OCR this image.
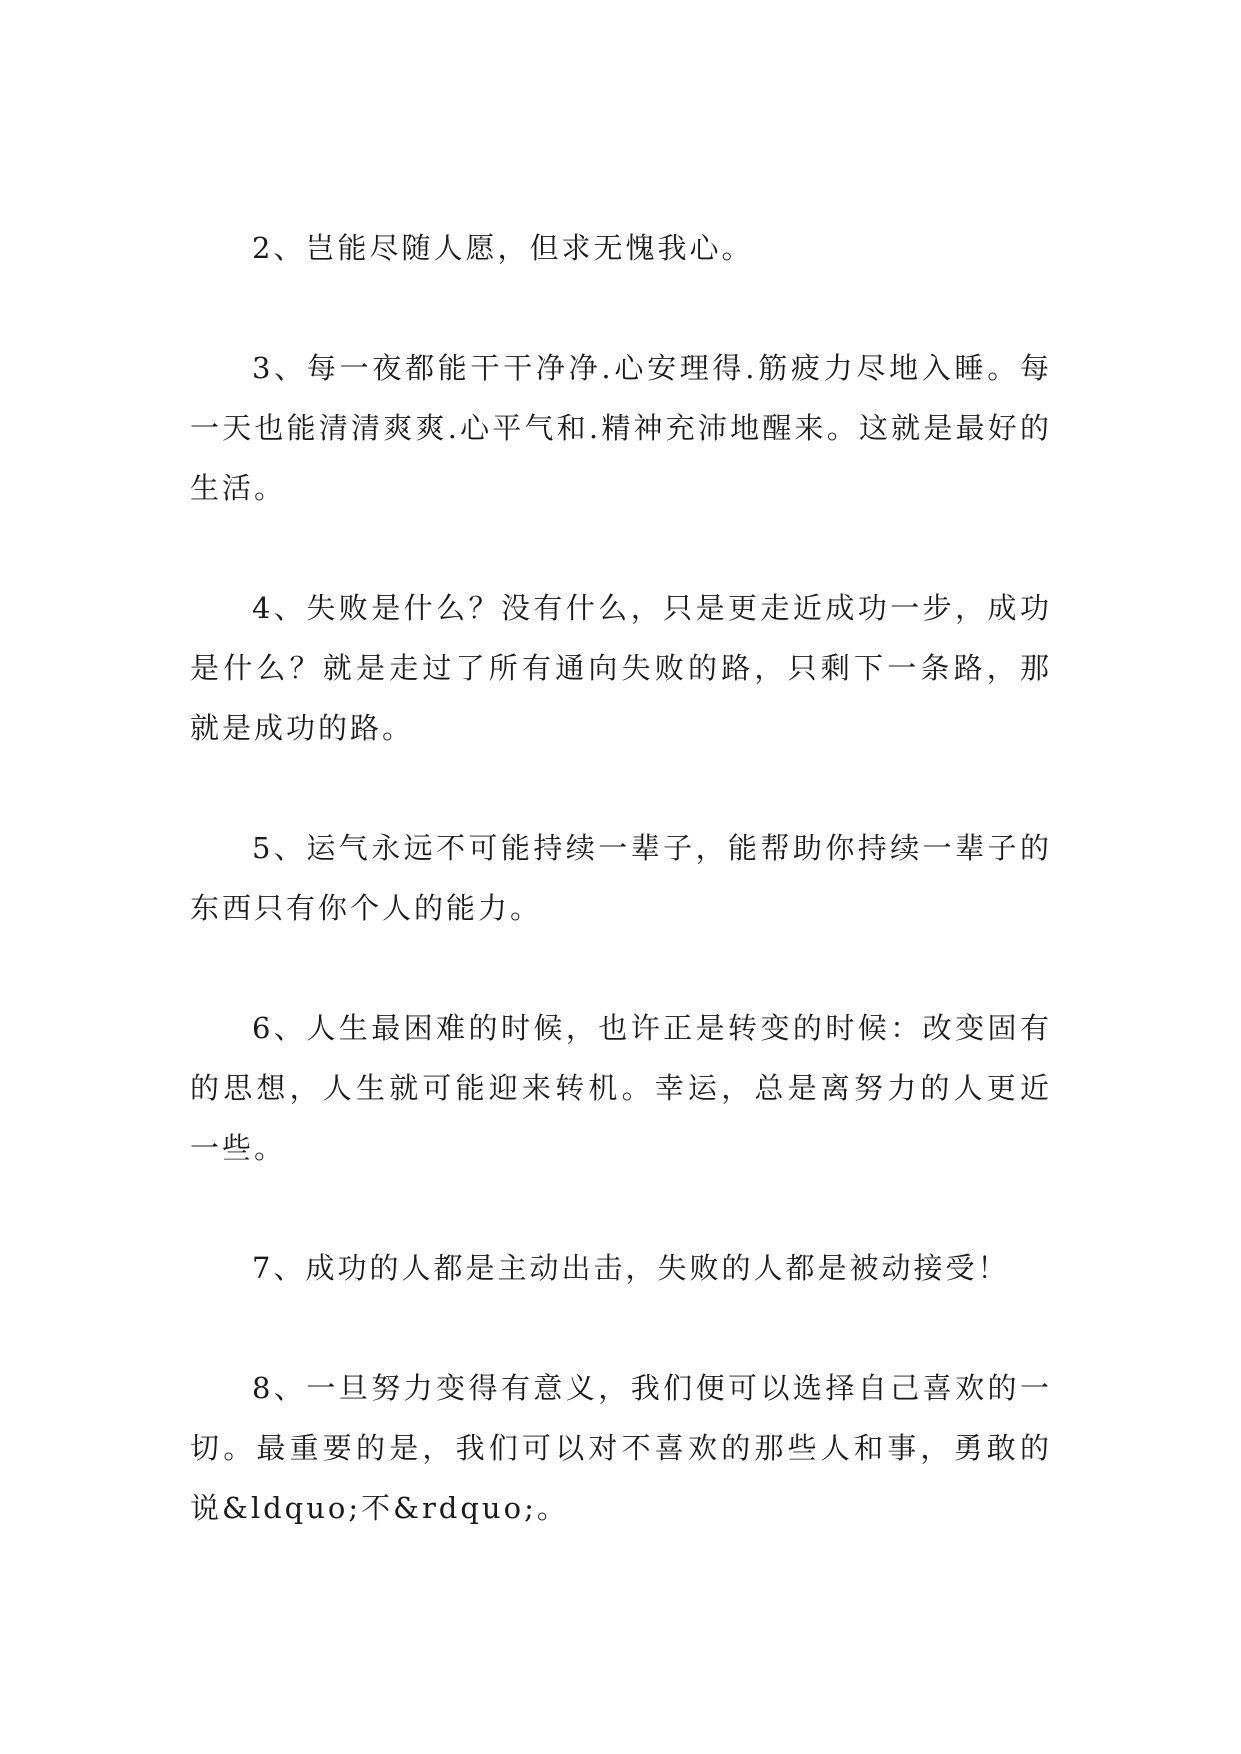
2、岂能尽随人愿，但求无愧我心。

3、每一夜都能干干净净.心安理得.筋疲力尽地入睡。每一天也能清清爽爽.心平气和.精神充沛地醒来。这就是最好的生活。

4、失败是什么？没有什么，只是更走近成功一步，成功是什么？就是走过了所有通向失败的路，只剩下一条路，那就是成功的路。

5、运气永远不可能持续一辈子，能帮助你持续一辈子的东西只有你个人的能力。

6、人生最困难的时候，也许正是转变的时候：改变固有的思想，人生就可能迎来转机。幸运，总是离努力的人更近一些。

7、成功的人都是主动出击，失败的人都是被动接受！

8、一旦努力变得有意义，我们便可以选择自己喜欢的一切。最重要的是，我们可以对不喜欢的那些人和事，勇敢的说&ldquo;不&rdquo;。
